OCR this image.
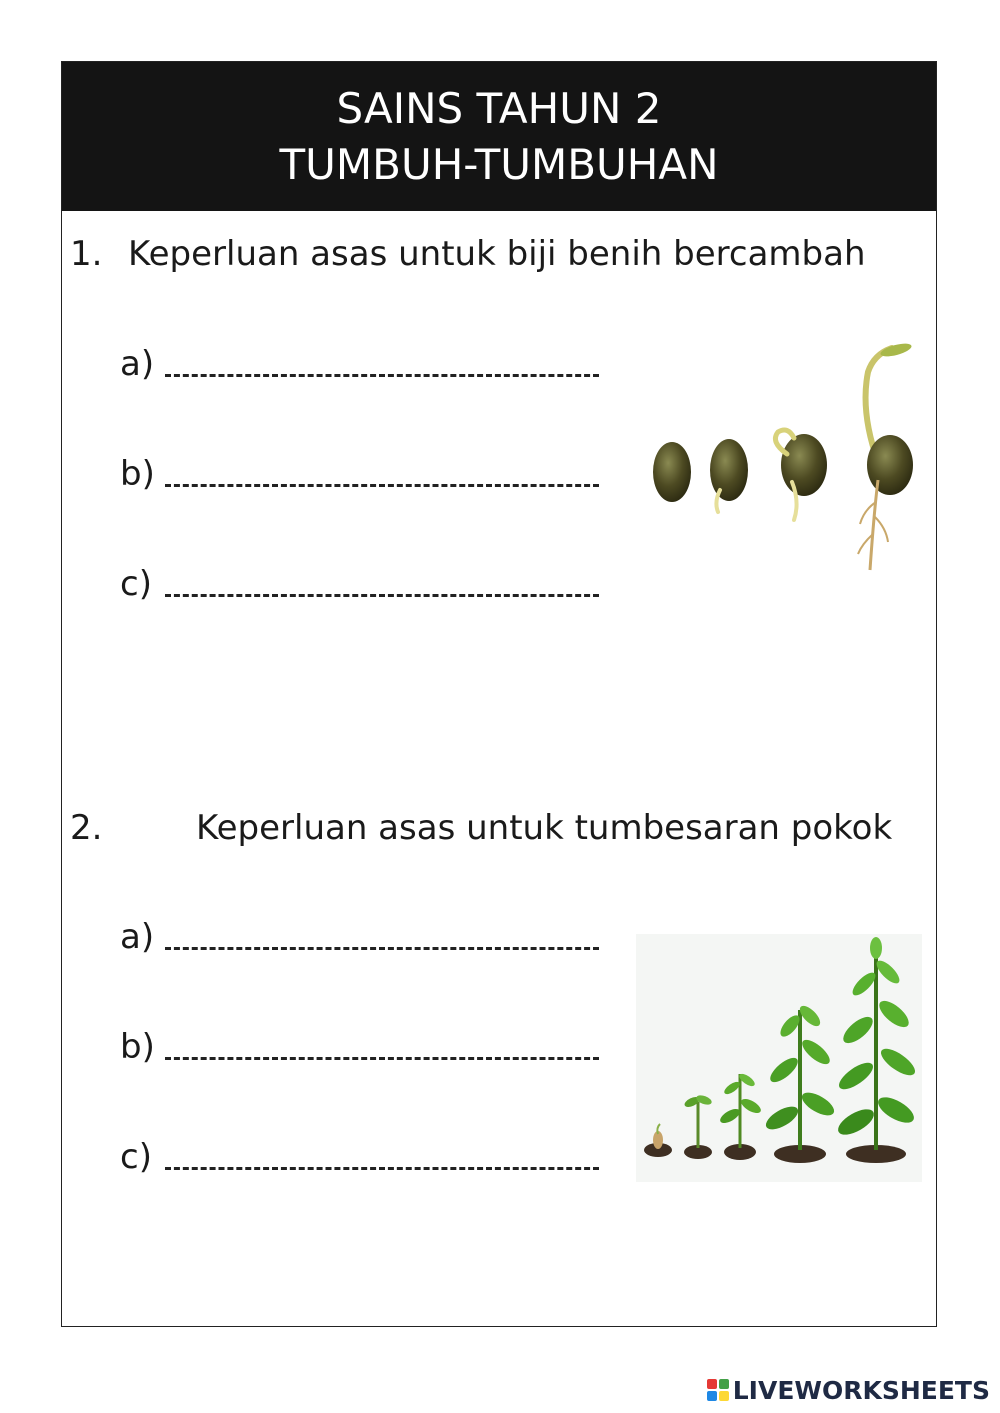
SAINS TAHUN 2
TUMBUH-TUMBUHAN
1. Keperluan asas untuk biji benih bercambah
a)
b)
c)
2.	Keperluan asas untuk tumbesaran pokok
a)
b)
c)
LIVEWORKSHEETS
